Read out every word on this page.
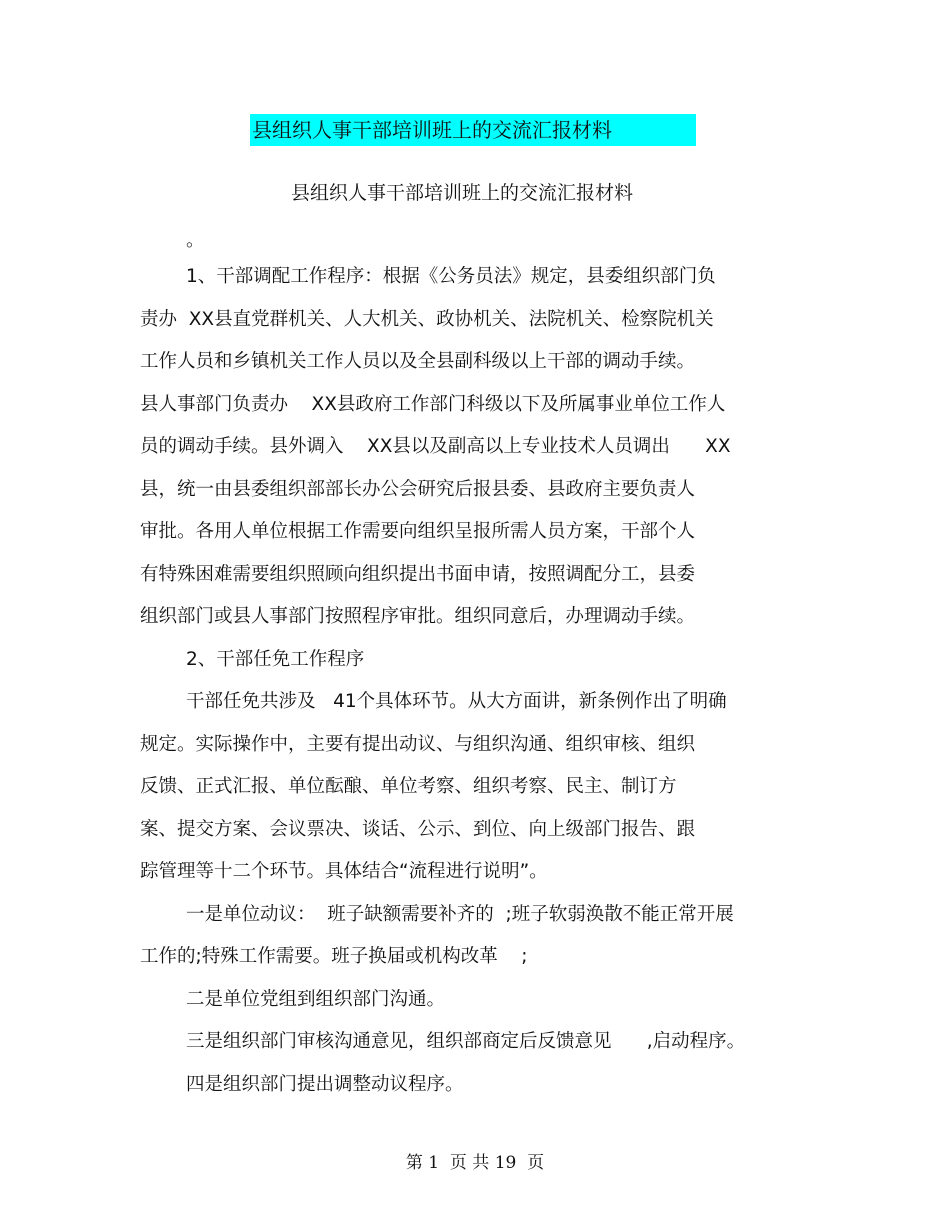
县组织人事干部培训班上的交流汇报材料
县组织人事干部培训班上的交流汇报材料
。
1、干部调配工作程序：根据《公务员法》规定，县委组织部门负
责办  XX县直党群机关、人大机关、政协机关、法院机关、检察院机关
工作人员和乡镇机关工作人员以及全县副科级以上干部的调动手续。
县人事部门负责办    XX县政府工作部门科级以下及所属事业单位工作人
员的调动手续。县外调入    XX县以及副高以上专业技术人员调出      XX
县，统一由县委组织部部长办公会研究后报县委、县政府主要负责人
审批。各用人单位根据工作需要向组织呈报所需人员方案，干部个人
有特殊困难需要组织照顾向组织提出书面申请，按照调配分工，县委
组织部门或县人事部门按照程序审批。组织同意后，办理调动手续。
2、干部任免工作程序
干部任免共涉及   41个具体环节。从大方面讲，新条例作出了明确
规定。实际操作中，主要有提出动议、与组织沟通、组织审核、组织
反馈、正式汇报、单位酝酿、单位考察、组织考察、民主、制订方
案、提交方案、会议票决、谈话、公示、到位、向上级部门报告、跟
踪管理等十二个环节。具体结合“流程进行说明”。
一是单位动议：  班子缺额需要补齐的  ;班子软弱涣散不能正常开展
工作的;特殊工作需要。班子换届或机构改革    ;
二是单位党组到组织部门沟通。
三是组织部门审核沟通意见，组织部商定后反馈意见      ,启动程序。
四是组织部门提出调整动议程序。
第 1  页 共 19  页
